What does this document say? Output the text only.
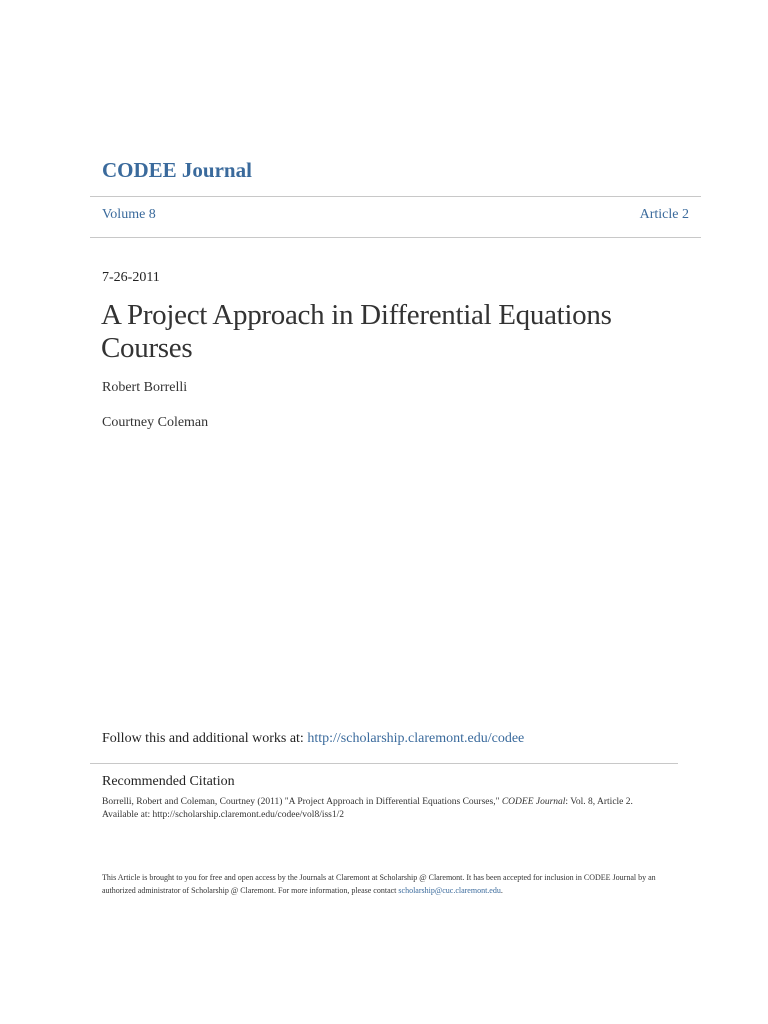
CODEE Journal
Volume 8	Article 2
7-26-2011
A Project Approach in Differential Equations Courses
Robert Borrelli
Courtney Coleman
Follow this and additional works at: http://scholarship.claremont.edu/codee
Recommended Citation
Borrelli, Robert and Coleman, Courtney (2011) "A Project Approach in Differential Equations Courses," CODEE Journal: Vol. 8, Article 2.
Available at: http://scholarship.claremont.edu/codee/vol8/iss1/2
This Article is brought to you for free and open access by the Journals at Claremont at Scholarship @ Claremont. It has been accepted for inclusion in CODEE Journal by an authorized administrator of Scholarship @ Claremont. For more information, please contact scholarship@cuc.claremont.edu.
